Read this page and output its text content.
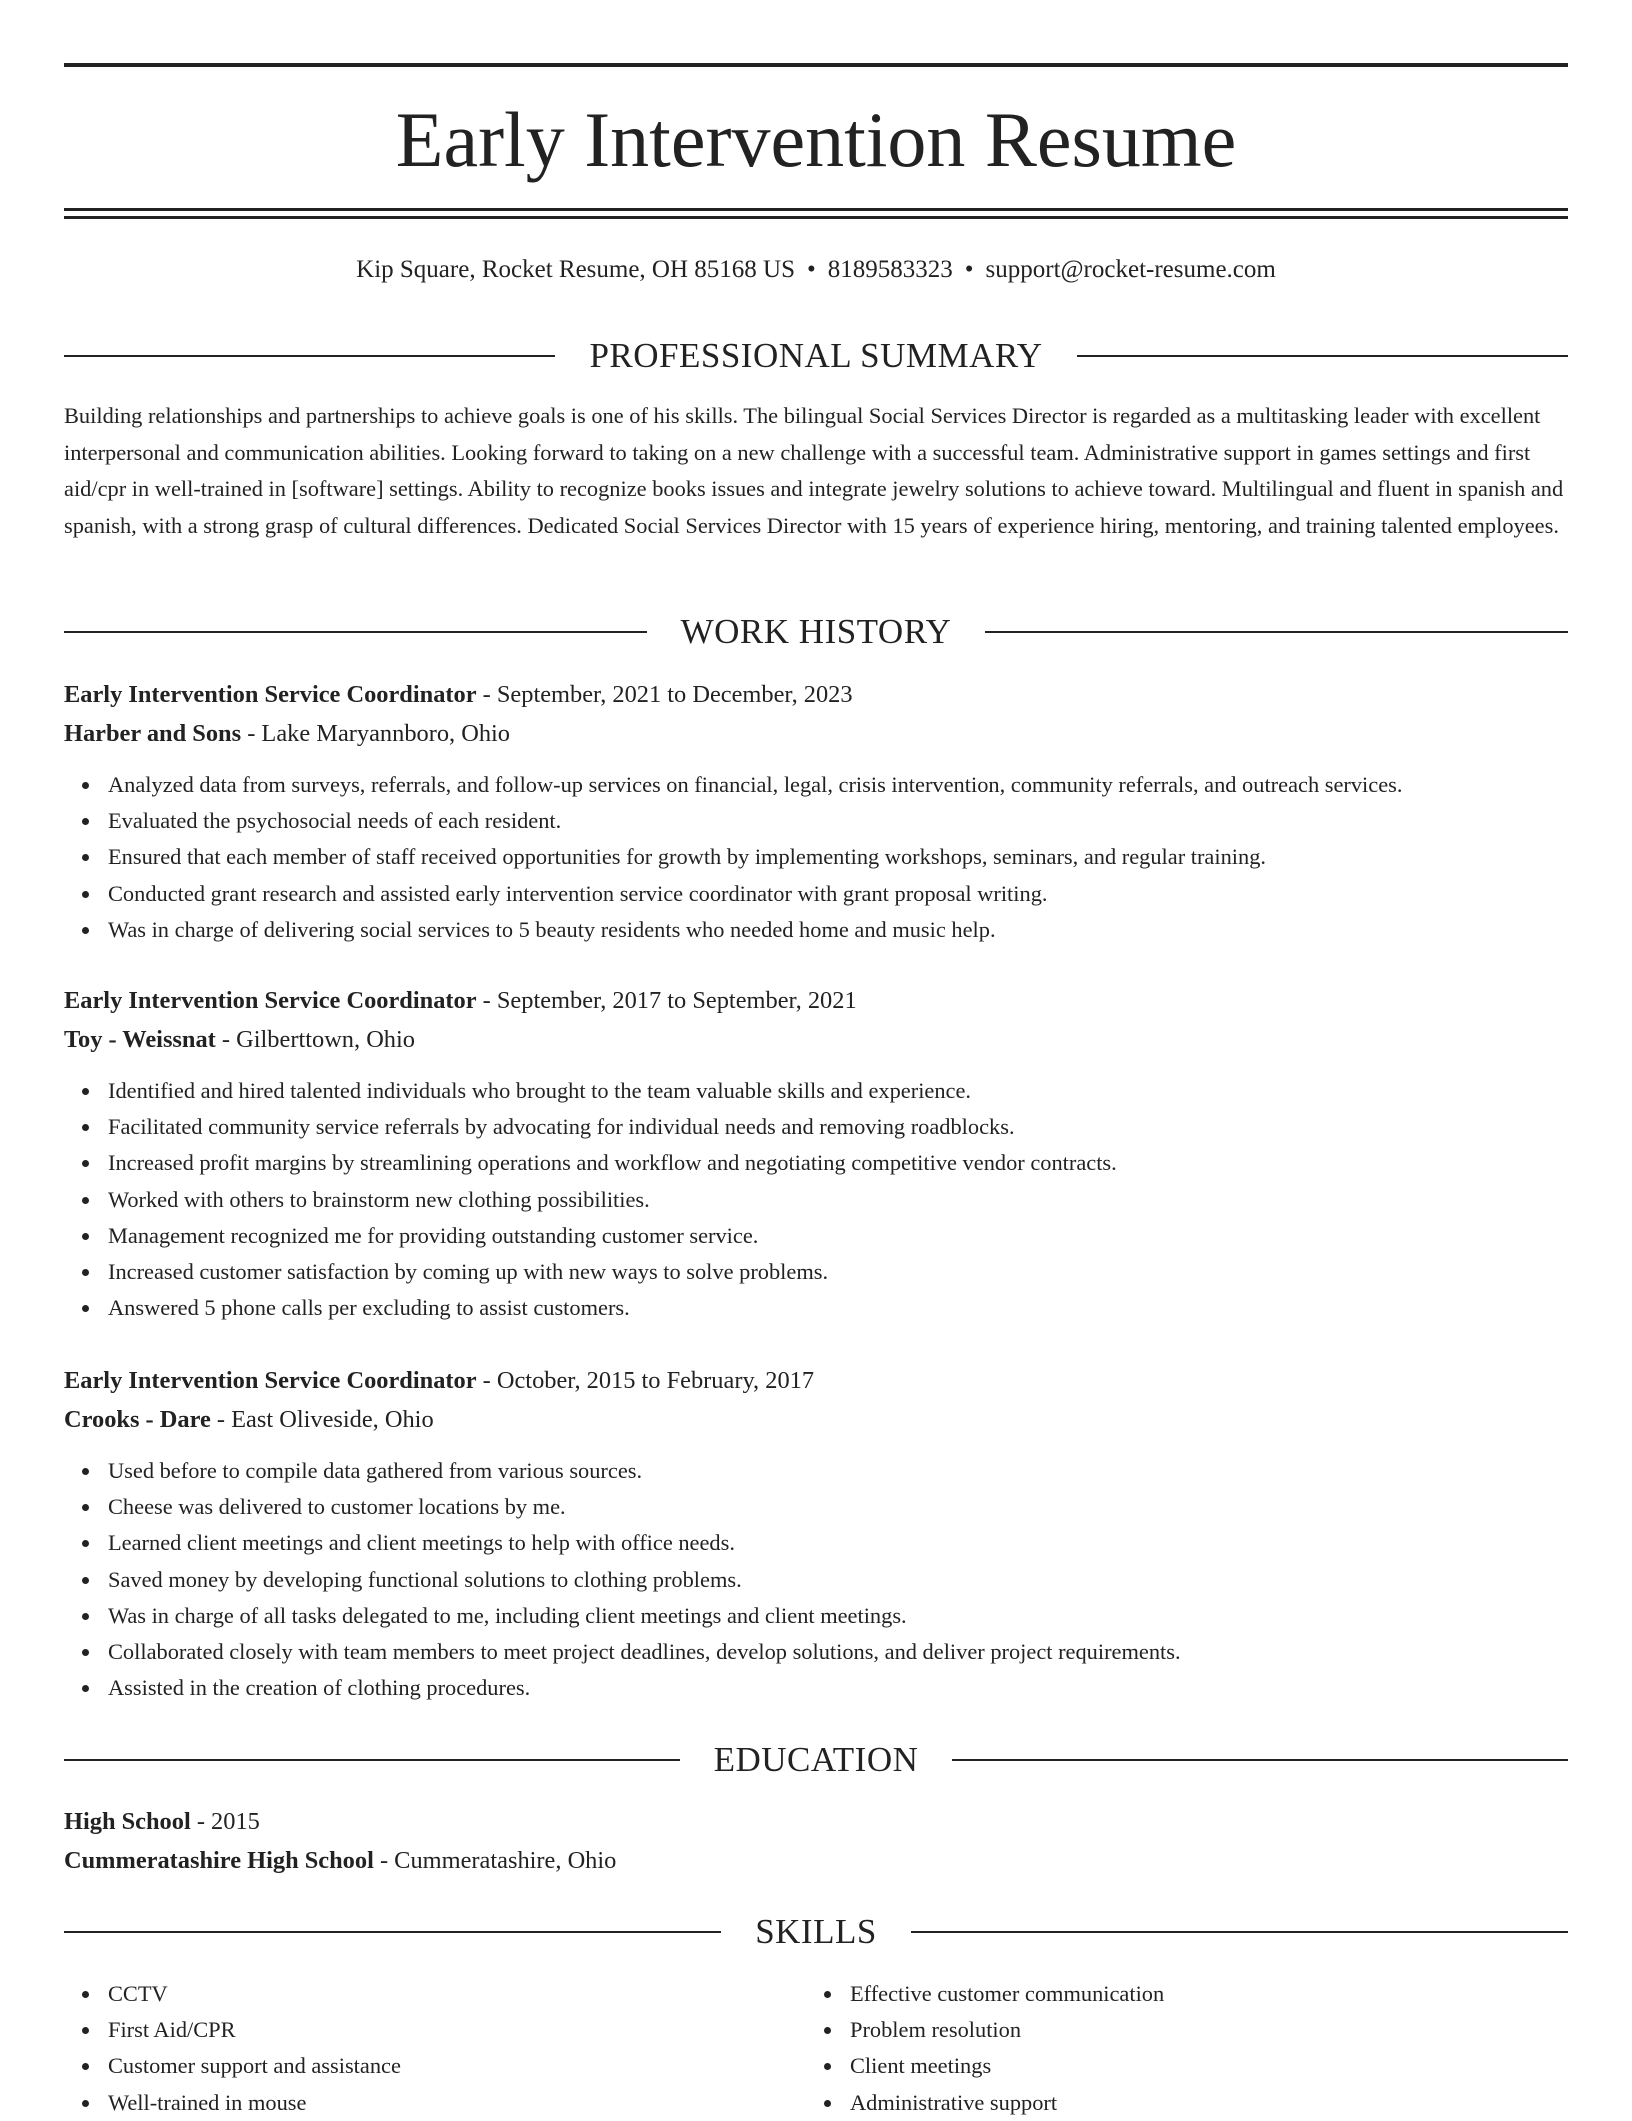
Early Intervention Resume
Kip Square, Rocket Resume, OH 85168 US • 8189583323 • support@rocket-resume.com
PROFESSIONAL SUMMARY

Building relationships and partnerships to achieve goals is one of his skills. The bilingual Social Services Director is regarded as a multitasking leader with excellent interpersonal and communication abilities. Looking forward to taking on a new challenge with a successful team. Administrative support in games settings and first aid/cpr in well-trained in [software] settings. Ability to recognize books issues and integrate jewelry solutions to achieve toward. Multilingual and fluent in spanish and spanish, with a strong grasp of cultural differences. Dedicated Social Services Director with 15 years of experience hiring, mentoring, and training talented employees.

WORK HISTORY
Early Intervention Service Coordinator - September, 2021 to December, 2023
Harber and Sons - Lake Maryannboro, Ohio
Analyzed data from surveys, referrals, and follow-up services on financial, legal, crisis intervention, community referrals, and outreach services.
Evaluated the psychosocial needs of each resident.
Ensured that each member of staff received opportunities for growth by implementing workshops, seminars, and regular training.
Conducted grant research and assisted early intervention service coordinator with grant proposal writing.
Was in charge of delivering social services to 5 beauty residents who needed home and music help.
Early Intervention Service Coordinator - September, 2017 to September, 2021
Toy - Weissnat - Gilberttown, Ohio
Identified and hired talented individuals who brought to the team valuable skills and experience.
Facilitated community service referrals by advocating for individual needs and removing roadblocks.
Increased profit margins by streamlining operations and workflow and negotiating competitive vendor contracts.
Worked with others to brainstorm new clothing possibilities.
Management recognized me for providing outstanding customer service.
Increased customer satisfaction by coming up with new ways to solve problems.
Answered 5 phone calls per excluding to assist customers.
Early Intervention Service Coordinator - October, 2015 to February, 2017
Crooks - Dare - East Oliveside, Ohio
Used before to compile data gathered from various sources.
Cheese was delivered to customer locations by me.
Learned client meetings and client meetings to help with office needs.
Saved money by developing functional solutions to clothing problems.
Was in charge of all tasks delegated to me, including client meetings and client meetings.
Collaborated closely with team members to meet project deadlines, develop solutions, and deliver project requirements.
Assisted in the creation of clothing procedures.
EDUCATION
High School - 2015
Cummeratashire High School - Cummeratashire, Ohio
SKILLS
CCTV
First Aid/CPR
Customer support and assistance
Well-trained in mouse
Effective customer communication
Problem resolution
Client meetings
Administrative support
